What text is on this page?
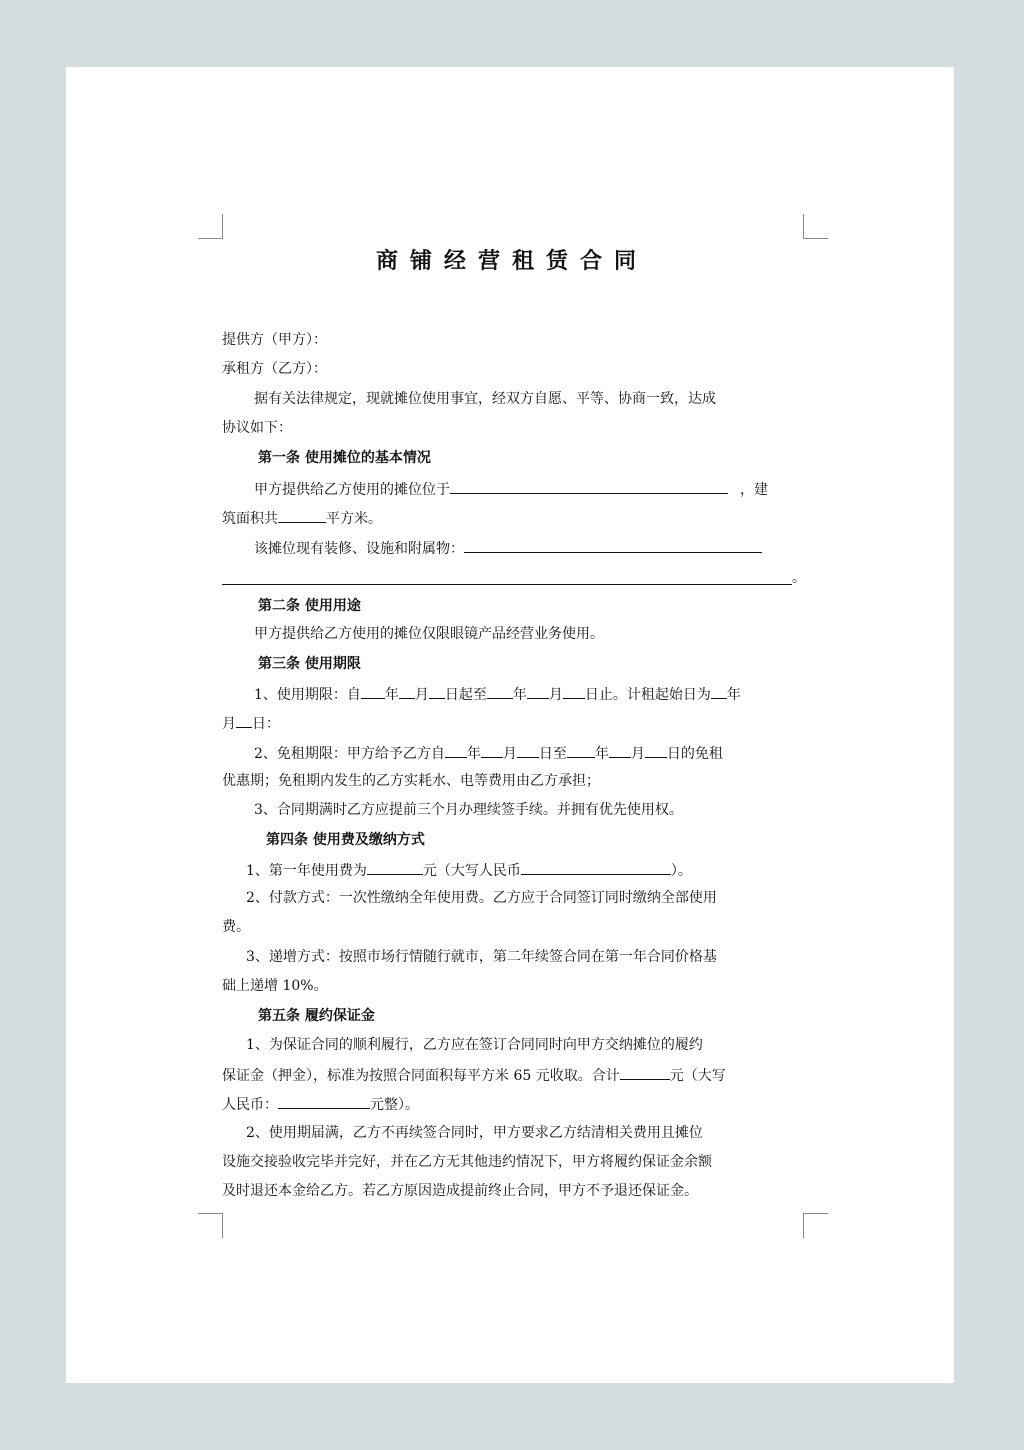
商铺经营租赁合同
提供方（甲方）：
承租方（乙方）：
据有关法律规定，现就摊位使用事宜，经双方自愿、平等、协商一致，达成
协议如下：
第一条 使用摊位的基本情况
甲方提供给乙方使用的摊位位于	，建
筑面积共	平方米。
该摊位现有装修、设施和附属物：
。
第二条 使用用途
甲方提供给乙方使用的摊位仅限眼镜产品经营业务使用。
第三条 使用期限
1、使用期限：自 年 月 日起至 年 月 日止。计租起始日为 年
月 日：
2、免租期限：甲方给予乙方自 年 月 日至 年 月 日的免租
优惠期；免租期内发生的乙方实耗水、电等费用由乙方承担；
3、合同期满时乙方应提前三个月办理续签手续。并拥有优先使用权。
第四条 使用费及缴纳方式
1、第一年使用费为	元（大写人民币	）。
2、付款方式：一次性缴纳全年使用费。乙方应于合同签订同时缴纳全部使用
费。
3、递增方式：按照市场行情随行就市，第二年续签合同在第一年合同价格基
础上递增 10%。
第五条 履约保证金
1、为保证合同的顺利履行，乙方应在签订合同同时向甲方交纳摊位的履约
保证金（押金），标准为按照合同面积每平方米 65 元收取。合计	元（大写
人民币：	元整）。
2、使用期届满，乙方不再续签合同时，甲方要求乙方结清相关费用且摊位
设施交接验收完毕并完好，并在乙方无其他违约情况下，甲方将履约保证金余额
及时退还本金给乙方。若乙方原因造成提前终止合同，甲方不予退还保证金。
